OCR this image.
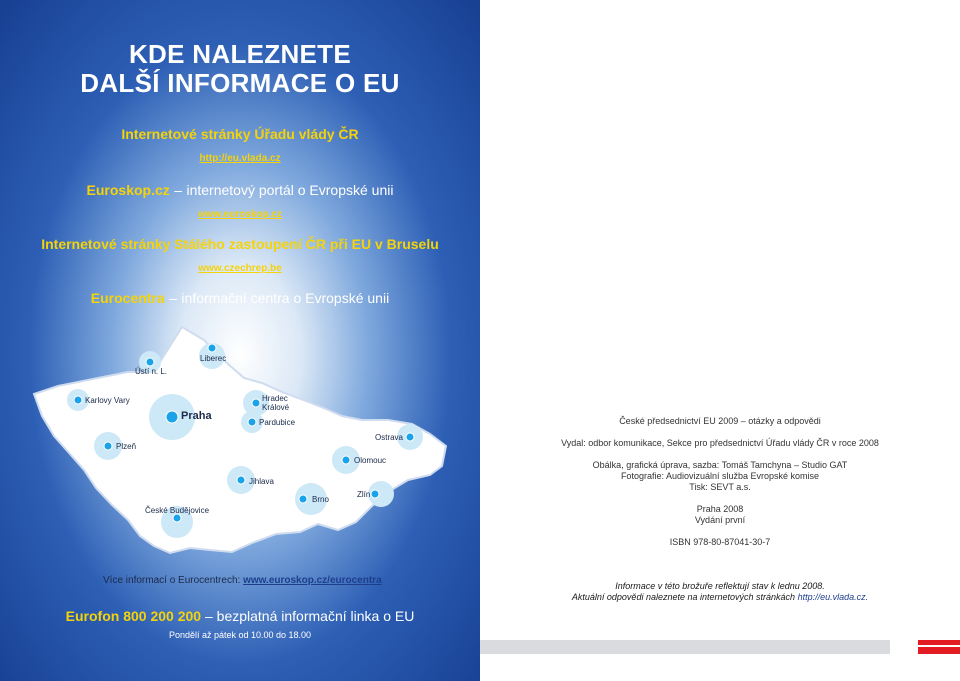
KDE NALEZNETE
DALŠÍ INFORMACE O EU
Internetové stránky Úřadu vlády ČR
http://eu.vlada.cz
Euroskop.cz – internetový portál o Evropské unii
www.euroskop.cz
Internetové stránky Stálého zastoupení ČR při EU v Bruselu
www.czechrep.be
Eurocentra – informační centra o Evropské unii
Liberec
Ústí n. L.
Karlovy Vary
Praha
Hradec Králové
Pardubice
Ostrava
Plzeň
Olomouc
Jihlava
Zlín
Brno
České Budějovice
Více informací o Eurocentrech: www.euroskop.cz/eurocentra
Eurofon 800 200 200 – bezplatná informační linka o EU
Pondělí až pátek od 10.00 do 18.00
České předsednictví EU 2009 – otázky a odpovědi
Vydal: odbor komunikace, Sekce pro předsednictví Úřadu vlády ČR v roce 2008
Obálka, grafická úprava, sazba: Tomáš Tamchyna – Studio GAT
Fotografie: Audiovizuální služba Evropské komise
Tisk: SEVT a.s.
Praha 2008
Vydání první
ISBN 978-80-87041-30-7
Informace v této brožuře reflektují stav k lednu 2008.
Aktuální odpovědi naleznete na internetových stránkách http://eu.vlada.cz.
